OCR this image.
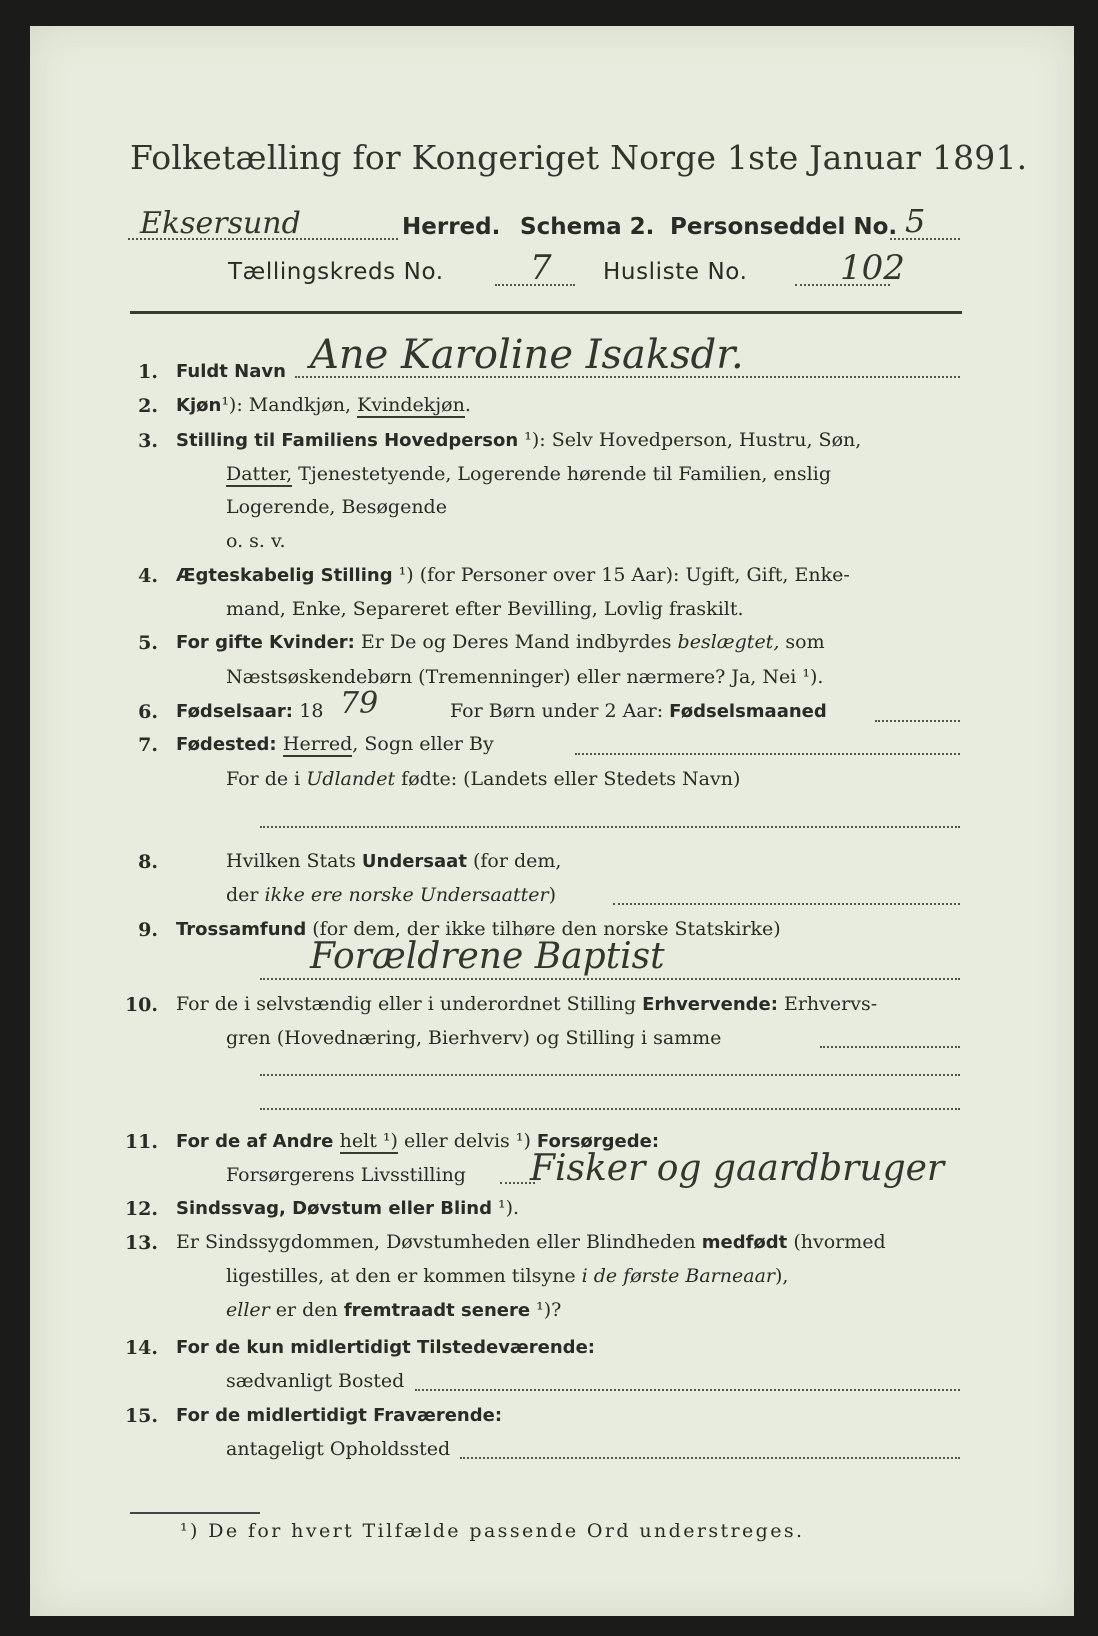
Folketælling for Kongeriget Norge 1ste Januar 1891.
Eksersund	Herred. Schema 2. Personseddel No. 5
Tællingskreds No.	7 Husliste No.	102
1. Fuldt Navn Ane Karoline Isaksdr.
2. Kjøn¹): Mandkjøn, Kvindekjøn.
3. Stilling til Familiens Hovedperson ¹): Selv Hovedperson, Hustru, Søn,
Datter, Tjenestetyende, Logerende hørende til Familien, enslig
Logerende, Besøgende
o. s. v.
4. Ægteskabelig Stilling ¹) (for Personer over 15 Aar): Ugift, Gift, Enke-
mand, Enke, Separeret efter Bevilling, Lovlig fraskilt.
5. For gifte Kvinder: Er De og Deres Mand indbyrdes beslægtet, som
Næstsøskendebørn (Tremenninger) eller nærmere? Ja, Nei ¹).
6. Fødselsaar: 18 79	For Børn under 2 Aar: Fødselsmaaned
7. Fødested: Herred, Sogn eller By
For de i Udlandet fødte: (Landets eller Stedets Navn)
8.	Hvilken Stats Undersaat (for dem,
der ikke ere norske Undersaatter)
9. Trossamfund (for dem, der ikke tilhøre den norske Statskirke)
Forældrene Baptist
10. For de i selvstændig eller i underordnet Stilling Erhvervende: Erhvervs-
gren (Hovednæring, Bierhverv) og Stilling i samme
11. For de af Andre helt ¹) eller delvis ¹) Forsørgede:
Forsørgerens Livsstilling Fisker og gaardbruger
12. Sindssvag, Døvstum eller Blind ¹).
13. Er Sindssygdommen, Døvstumheden eller Blindheden medfødt (hvormed
ligestilles, at den er kommen tilsyne i de første Barneaar),
eller er den fremtraadt senere ¹)?
14. For de kun midlertidigt Tilstedeværende:
sædvanligt Bosted
15. For de midlertidigt Fraværende:
antageligt Opholdssted
¹) De for hvert Tilfælde passende Ord understreges.
